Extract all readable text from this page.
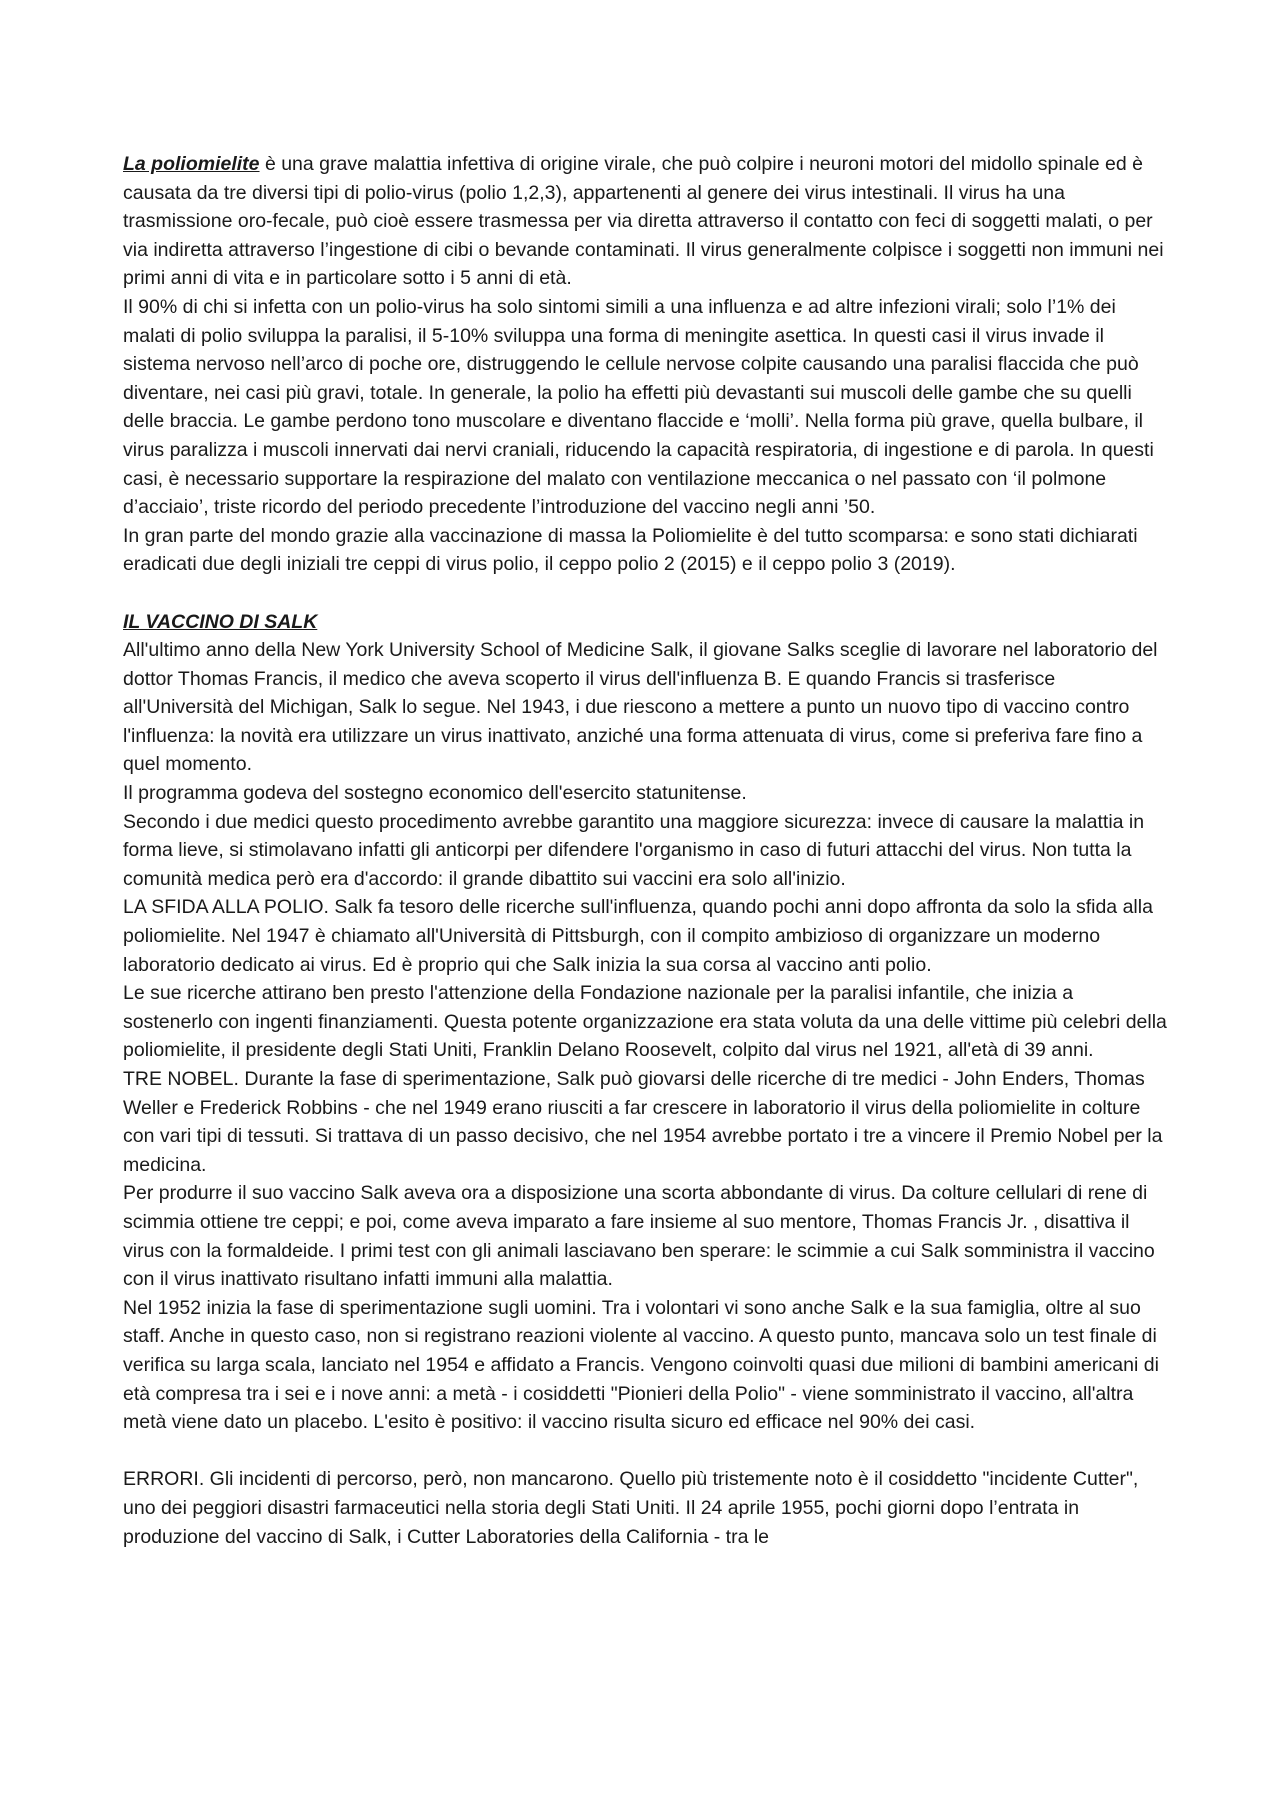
La poliomielite è una grave malattia infettiva di origine virale, che può colpire i neuroni motori del midollo spinale ed è causata da tre diversi tipi di polio-virus (polio 1,2,3), appartenenti al genere dei virus intestinali. Il virus ha una trasmissione oro-fecale, può cioè essere trasmessa per via diretta attraverso il contatto con feci di soggetti malati, o per via indiretta attraverso l’ingestione di cibi o bevande contaminati. Il virus generalmente colpisce i soggetti non immuni nei primi anni di vita e in particolare sotto i 5 anni di età.

Il 90% di chi si infetta con un polio-virus ha solo sintomi simili a una influenza e ad altre infezioni virali; solo l’1% dei malati di polio sviluppa la paralisi, il 5-10% sviluppa una forma di meningite asettica. In questi casi il virus invade il sistema nervoso nell’arco di poche ore, distruggendo le cellule nervose colpite causando una paralisi flaccida che può diventare, nei casi più gravi, totale. In generale, la polio ha effetti più devastanti sui muscoli delle gambe che su quelli delle braccia. Le gambe perdono tono muscolare e diventano flaccide e ‘molli’. Nella forma più grave, quella bulbare, il virus paralizza i muscoli innervati dai nervi craniali, riducendo la capacità respiratoria, di ingestione e di parola. In questi casi, è necessario supportare la respirazione del malato con ventilazione meccanica o nel passato con ‘il polmone d’acciaio’, triste ricordo del periodo precedente l’introduzione del vaccino negli anni ’50.

In gran parte del mondo grazie alla vaccinazione di massa la Poliomielite è del tutto scomparsa: e sono stati dichiarati eradicati due degli iniziali tre ceppi di virus polio, il ceppo polio 2 (2015) e il ceppo polio 3 (2019).

IL VACCINO DI SALK

All'ultimo anno della New York University School of Medicine Salk, il giovane Salks sceglie di lavorare nel laboratorio del dottor Thomas Francis, il medico che aveva scoperto il virus dell'influenza B. E quando Francis si trasferisce all'Università del Michigan, Salk lo segue. Nel 1943, i due riescono a mettere a punto un nuovo tipo di vaccino contro l'influenza: la novità era utilizzare un virus inattivato, anziché una forma attenuata di virus, come si preferiva fare fino a quel momento.

Il programma godeva del sostegno economico dell'esercito statunitense.

Secondo i due medici questo procedimento avrebbe garantito una maggiore sicurezza: invece di causare la malattia in forma lieve, si stimolavano infatti gli anticorpi per difendere l'organismo in caso di futuri attacchi del virus. Non tutta la comunità medica però era d'accordo: il grande dibattito sui vaccini era solo all'inizio.

LA SFIDA ALLA POLIO. Salk fa tesoro delle ricerche sull'influenza, quando pochi anni dopo affronta da solo la sfida alla poliomielite. Nel 1947 è chiamato all'Università di Pittsburgh, con il compito ambizioso di organizzare un moderno laboratorio dedicato ai virus. Ed è proprio qui che Salk inizia la sua corsa al vaccino anti polio.

Le sue ricerche attirano ben presto l'attenzione della Fondazione nazionale per la paralisi infantile, che inizia a sostenerlo con ingenti finanziamenti. Questa potente organizzazione era stata voluta da una delle vittime più celebri della poliomielite, il presidente degli Stati Uniti, Franklin Delano Roosevelt, colpito dal virus nel 1921, all'età di 39 anni.

TRE NOBEL. Durante la fase di sperimentazione, Salk può giovarsi delle ricerche di tre medici - John Enders, Thomas Weller e Frederick Robbins - che nel 1949 erano riusciti a far crescere in laboratorio il virus della poliomielite in colture con vari tipi di tessuti. Si trattava di un passo decisivo, che nel 1954 avrebbe portato i tre a vincere il Premio Nobel per la medicina.

Per produrre il suo vaccino Salk aveva ora a disposizione una scorta abbondante di virus. Da colture cellulari di rene di scimmia ottiene tre ceppi; e poi, come aveva imparato a fare insieme al suo mentore, Thomas Francis Jr. , disattiva il virus con la formaldeide. I primi test con gli animali lasciavano ben sperare: le scimmie a cui Salk somministra il vaccino con il virus inattivato risultano infatti immuni alla malattia.

Nel 1952 inizia la fase di sperimentazione sugli uomini. Tra i volontari vi sono anche Salk e la sua famiglia, oltre al suo staff. Anche in questo caso, non si registrano reazioni violente al vaccino. A questo punto, mancava solo un test finale di verifica su larga scala, lanciato nel 1954 e affidato a Francis. Vengono coinvolti quasi due milioni di bambini americani di età compresa tra i sei e i nove anni: a metà - i cosiddetti "Pionieri della Polio" - viene somministrato il vaccino, all'altra metà viene dato un placebo. L'esito è positivo: il vaccino risulta sicuro ed efficace nel 90% dei casi.

ERRORI. Gli incidenti di percorso, però, non mancarono. Quello più tristemente noto è il cosiddetto "incidente Cutter", uno dei peggiori disastri farmaceutici nella storia degli Stati Uniti. Il 24 aprile 1955, pochi giorni dopo l’entrata in produzione del vaccino di Salk, i Cutter Laboratories della California - tra le
